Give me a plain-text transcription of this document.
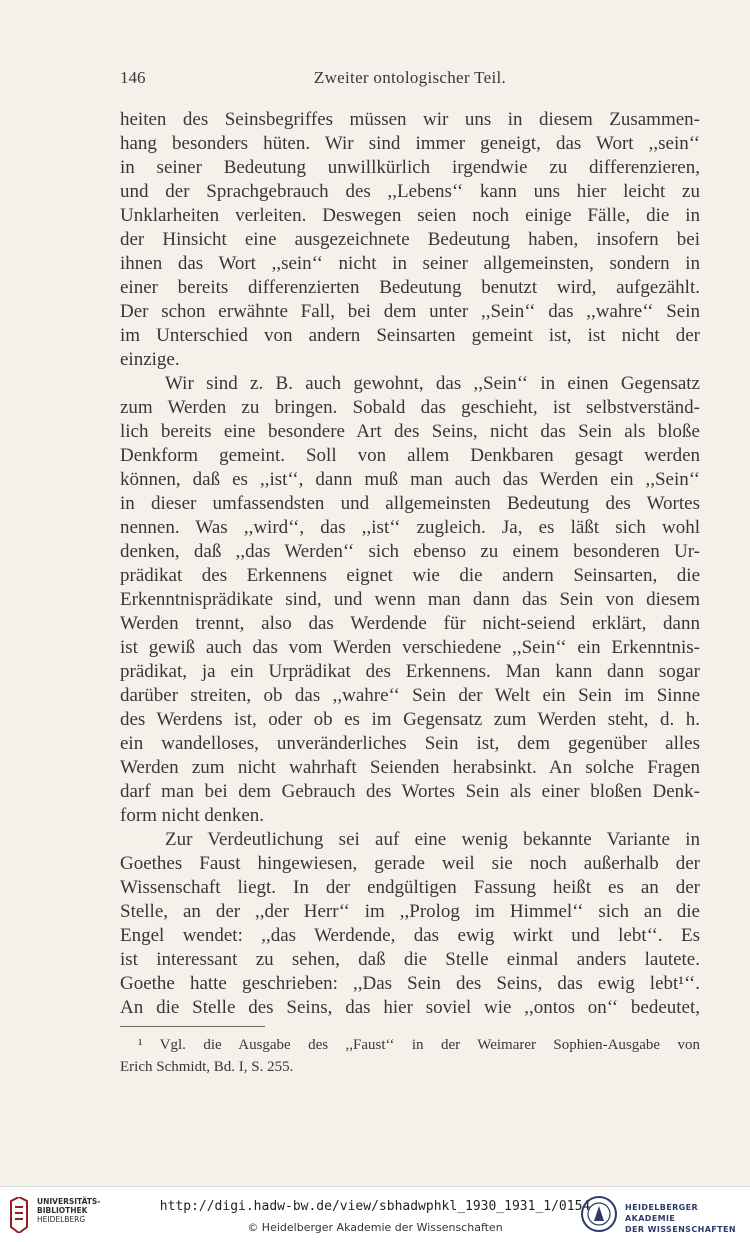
146	Zweiter ontologischer Teil.
heiten des Seinsbegriffes müssen wir uns in diesem Zusammen-
hang besonders hüten. Wir sind immer geneigt, das Wort ,,sein‘‘
in seiner Bedeutung unwillkürlich irgendwie zu differenzieren,
und der Sprachgebrauch des ,,Lebens‘‘ kann uns hier leicht zu
Unklarheiten verleiten. Deswegen seien noch einige Fälle, die in
der Hinsicht eine ausgezeichnete Bedeutung haben, insofern bei
ihnen das Wort ,,sein‘‘ nicht in seiner allgemeinsten, sondern in
einer bereits differenzierten Bedeutung benutzt wird, aufgezählt.
Der schon erwähnte Fall, bei dem unter ,,Sein‘‘ das ,,wahre‘‘ Sein
im Unterschied von andern Seinsarten gemeint ist, ist nicht der
einzige.
Wir sind z. B. auch gewohnt, das ,,Sein‘‘ in einen Gegensatz
zum Werden zu bringen. Sobald das geschieht, ist selbstverständ-
lich bereits eine besondere Art des Seins, nicht das Sein als bloße
Denkform gemeint. Soll von allem Denkbaren gesagt werden
können, daß es ,,ist‘‘, dann muß man auch das Werden ein ,,Sein‘‘
in dieser umfassendsten und allgemeinsten Bedeutung des Wortes
nennen. Was ,,wird‘‘, das ,,ist‘‘ zugleich. Ja, es läßt sich wohl
denken, daß ,,das Werden‘‘ sich ebenso zu einem besonderen Ur-
prädikat des Erkennens eignet wie die andern Seinsarten, die
Erkenntnisprädikate sind, und wenn man dann das Sein von diesem
Werden trennt, also das Werdende für nicht-seiend erklärt, dann
ist gewiß auch das vom Werden verschiedene ,,Sein‘‘ ein Erkenntnis-
prädikat, ja ein Urprädikat des Erkennens. Man kann dann sogar
darüber streiten, ob das ,,wahre‘‘ Sein der Welt ein Sein im Sinne
des Werdens ist, oder ob es im Gegensatz zum Werden steht, d. h.
ein wandelloses, unveränderliches Sein ist, dem gegenüber alles
Werden zum nicht wahrhaft Seienden herabsinkt. An solche Fragen
darf man bei dem Gebrauch des Wortes Sein als einer bloßen Denk-
form nicht denken.
Zur Verdeutlichung sei auf eine wenig bekannte Variante in
Goethes Faust hingewiesen, gerade weil sie noch außerhalb der
Wissenschaft liegt. In der endgültigen Fassung heißt es an der
Stelle, an der ,,der Herr‘‘ im ,,Prolog im Himmel‘‘ sich an die
Engel wendet: ,,das Werdende, das ewig wirkt und lebt‘‘. Es
ist interessant zu sehen, daß die Stelle einmal anders lautete.
Goethe hatte geschrieben: ,,Das Sein des Seins, das ewig lebt¹‘‘.
An die Stelle des Seins, das hier soviel wie ,,ontos on‘‘ bedeutet,
¹ Vgl. die Ausgabe des ,,Faust‘‘ in der Weimarer Sophien-Ausgabe von
Erich Schmidt, Bd. I, S. 255.
UNIVERSITÄTS-
BIBLIOTHEK
HEIDELBERG
http://digi.hadw-bw.de/view/sbhadwphkl_1930_1931_1/0154
© Heidelberger Akademie der Wissenschaften
HEIDELBERGER AKADEMIE
DER WISSENSCHAFTEN
